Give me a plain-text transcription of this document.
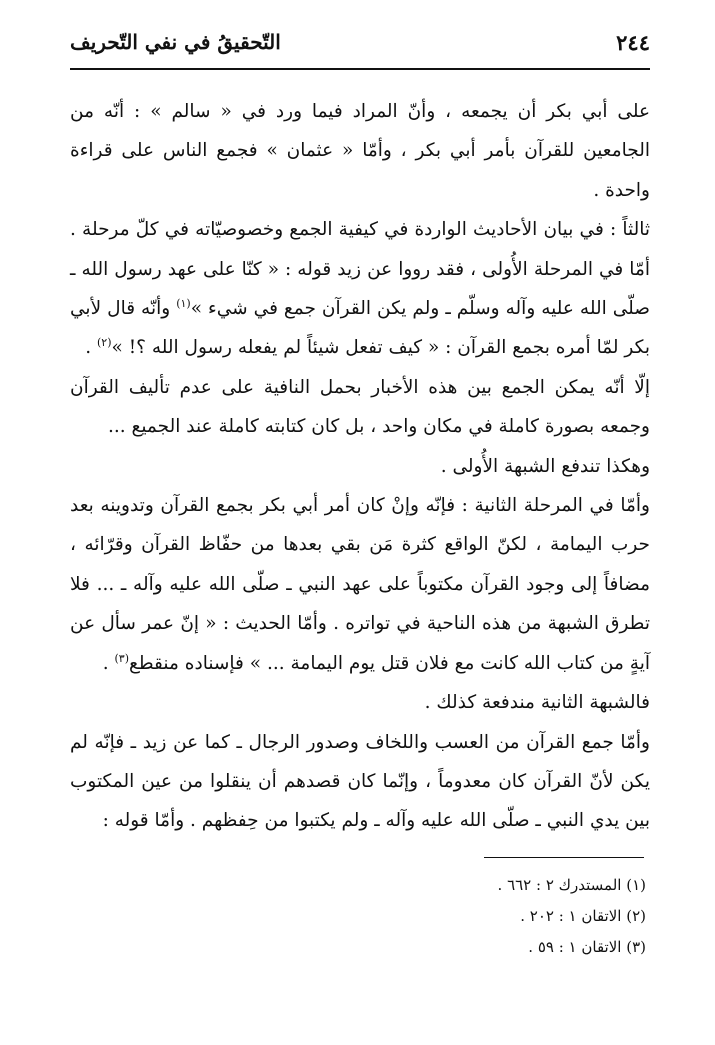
٢٤٤
التّحقيقُ في نفي التّحريف

على أبي بكر أن يجمعه ، وأنّ المراد فيما ورد في « سالم » : أنّه من الجامعين للقرآن بأمر أبي بكر ، وأمّا « عثمان » فجمع الناس على قراءة واحدة .

ثالثاً : في بيان الأحاديث الواردة في كيفية الجمع وخصوصيّاته في كلّ مرحلة . أمّا في المرحلة الأُولى ، فقد رووا عن زيد قوله : « كنّا على عهد رسول الله ـ صلّى الله عليه وآله وسلّم ـ ولم يكن القرآن جمع في شيء »$^{(١)}$ وأنّه قال لأبي بكر لمّا أمره بجمع القرآن : « كيف تفعل شيئاً لم يفعله رسول الله ؟! »$^{(٢)}$ .

إلّا أنّه يمكن الجمع بين هذه الأخبار بحمل النافية على عدم تأليف القرآن وجمعه بصورة كاملة في مكان واحد ، بل كان كتابته كاملة عند الجميع ...

وهكذا تندفع الشبهة الأُولى .

وأمّا في المرحلة الثانية : فإنّه وإنْ كان أمر أبي بكر بجمع القرآن وتدوينه بعد حرب اليمامة ، لكنّ الواقع كثرة مَن بقي بعدها من حفّاظ القرآن وقرّائه ، مضافاً إلى وجود القرآن مكتوباً على عهد النبي ـ صلّى الله عليه وآله ـ ... فلا تطرق الشبهة من هذه الناحية في تواتره . وأمّا الحديث : « إنّ عمر سأل عن آيةٍ من كتاب الله كانت مع فلان قتل يوم اليمامة ... » فإسناده منقطع$^{(٣)}$ .

فالشبهة الثانية مندفعة كذلك .

وأمّا جمع القرآن من العسب واللخاف وصدور الرجال ـ كما عن زيد ـ فإنّه لم يكن لأنّ القرآن كان معدوماً ، وإنّما كان قصدهم أن ينقلوا من عين المكتوب بين يدي النبي ـ صلّى الله عليه وآله ـ ولم يكتبوا من حِفظهم . وأمّا قوله :

(١) المستدرك ٢ : ٦٦٢ .
(٢) الاتقان ١ : ٢٠٢ .
(٣) الاتقان ١ : ٥٩ .
